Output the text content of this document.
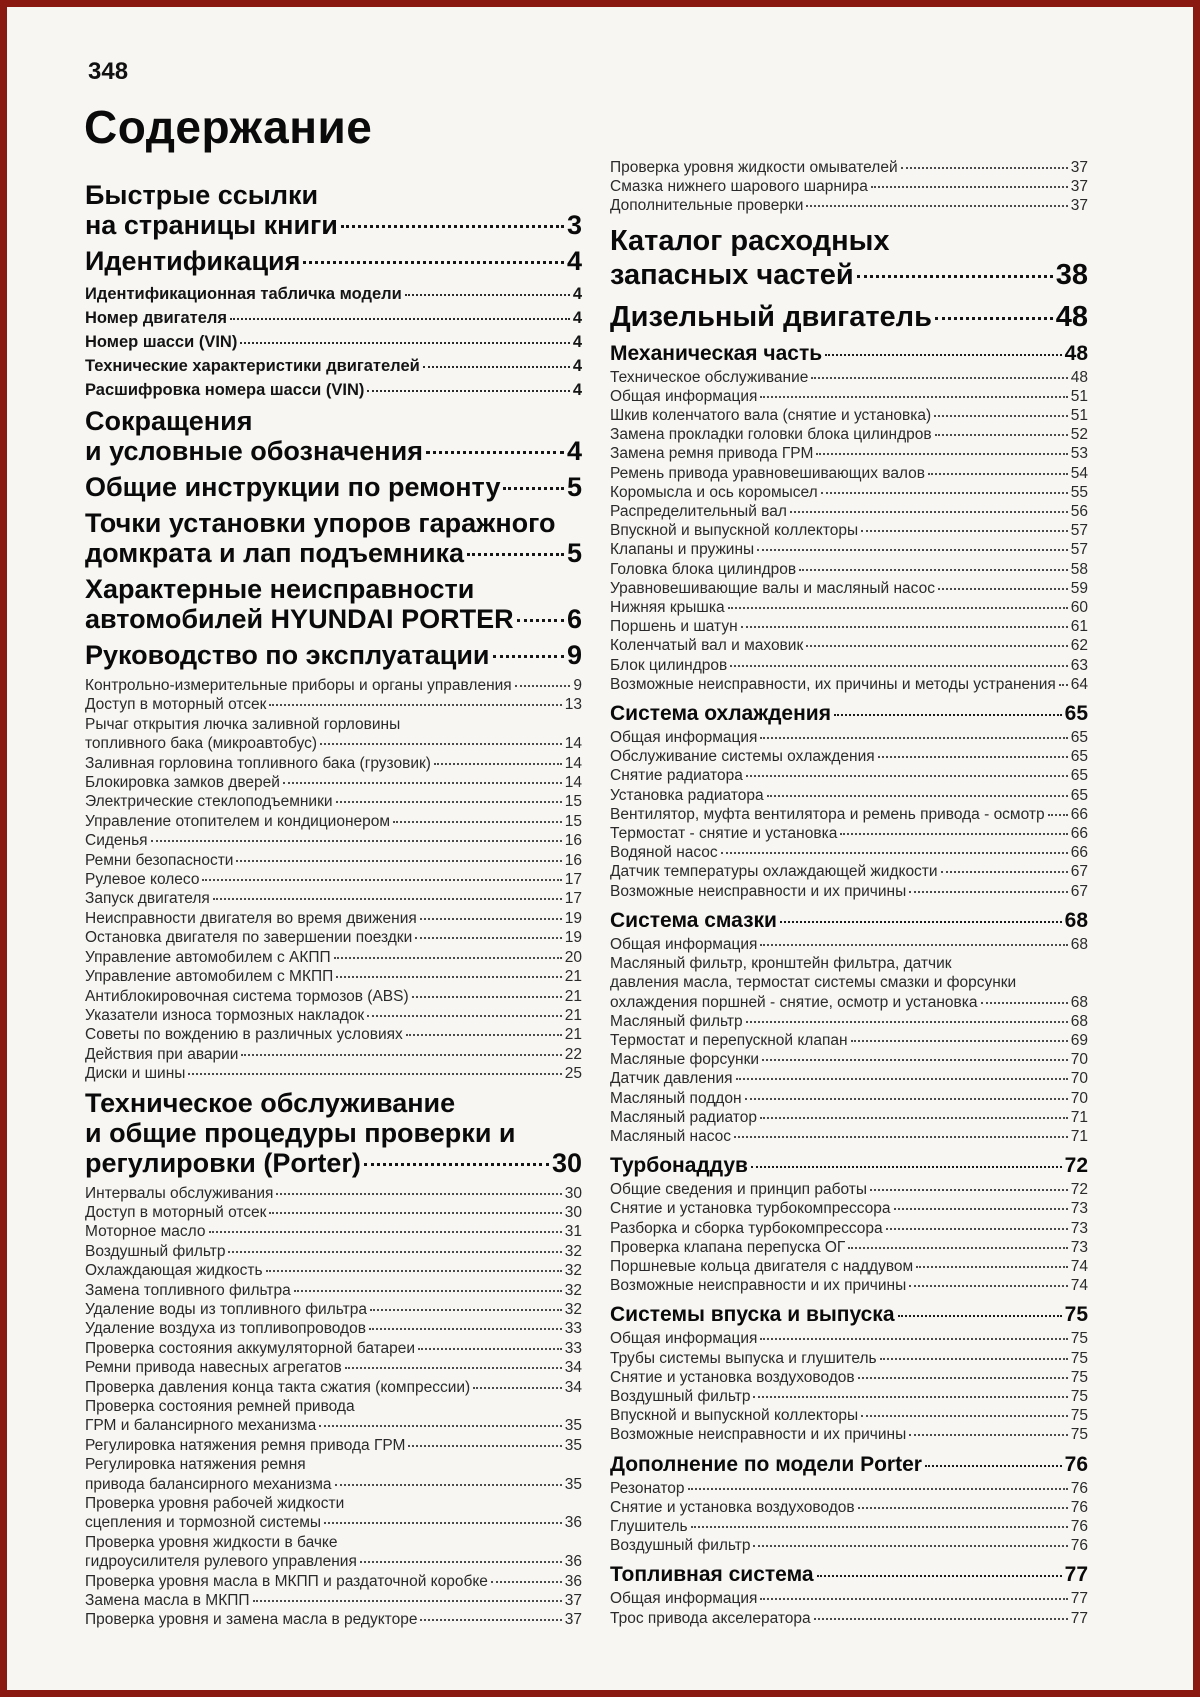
348
Содержание
Быстрые ссылки
на страницы книги	3
Идентификация	4
Идентификационная табличка модели	4
Номер двигателя	4
Номер шасси (VIN)	4
Технические характеристики двигателей	4
Расшифровка номера шасси (VIN)	4
Сокращения
и условные обозначения	4
Общие инструкции по ремонту 5
Точки установки упоров гаражного
домкрата и лап подъемника	5
Характерные неисправности
автомобилей HYUNDAI PORTER 6
Руководство по эксплуатации	9
Контрольно-измерительные приборы и органы управления	9
Доступ в моторный отсек	13
Рычаг открытия лючка заливной горловины
топливного бака (микроавтобус)	14
Заливная горловина топливного бака (грузовик)	14
Блокировка замков дверей	14
Электрические стеклоподъемники	15
Управление отопителем и кондиционером	15
Сиденья	16
Ремни безопасности	16
Рулевое колесо	17
Запуск двигателя	17
Неисправности двигателя во время движения	19
Остановка двигателя по завершении поездки	19
Управление автомобилем с АКПП	20
Управление автомобилем с МКПП	21
Антиблокировочная система тормозов (ABS)	21
Указатели износа тормозных накладок	21
Советы по вождению в различных условиях	21
Действия при аварии	22
Диски и шины	25
Техническое обслуживание
и общие процедуры проверки и
регулировки (Porter)	30
Интервалы обслуживания	30
Доступ в моторный отсек	30
Моторное масло	31
Воздушный фильтр	32
Охлаждающая жидкость	32
Замена топливного фильтра	32
Удаление воды из топливного фильтра	32
Удаление воздуха из топливопроводов	33
Проверка состояния аккумуляторной батареи	33
Ремни привода навесных агрегатов	34
Проверка давления конца такта сжатия (компрессии)	34
Проверка состояния ремней привода
ГРМ и балансирного механизма	35
Регулировка натяжения ремня привода ГРМ	35
Регулировка натяжения ремня
привода балансирного механизма	35
Проверка уровня рабочей жидкости
сцепления и тормозной системы	36
Проверка уровня жидкости в бачке
гидроусилителя рулевого управления	36
Проверка уровня масла в МКПП и раздаточной коробке	36
Замена масла в МКПП	37
Проверка уровня и замена масла в редукторе	37
Проверка уровня жидкости омывателей	37
Смазка нижнего шарового шарнира	37
Дополнительные проверки	37
Каталог расходных
запасных частей	38
Дизельный двигатель	48
Механическая часть	48
Техническое обслуживание	48
Общая информация	51
Шкив коленчатого вала (снятие и установка)	51
Замена прокладки головки блока цилиндров	52
Замена ремня привода ГРМ	53
Ремень привода уравновешивающих валов	54
Коромысла и ось коромысел	55
Распределительный вал	56
Впускной и выпускной коллекторы	57
Клапаны и пружины	57
Головка блока цилиндров	58
Уравновешивающие валы и масляный насос	59
Нижняя крышка	60
Поршень и шатун	61
Коленчатый вал и маховик	62
Блок цилиндров	63
Возможные неисправности, их причины и методы устранения 64
Система охлаждения	65
Общая информация	65
Обслуживание системы охлаждения	65
Снятие радиатора	65
Установка радиатора	65
Вентилятор, муфта вентилятора и ремень привода - осмотр 66
Термостат - снятие и установка	66
Водяной насос	66
Датчик температуры охлаждающей жидкости	67
Возможные неисправности и их причины	67
Система смазки	68
Общая информация	68
Масляный фильтр, кронштейн фильтра, датчик
давления масла, термостат системы смазки и форсунки
охлаждения поршней - снятие, осмотр и установка	68
Масляный фильтр	68
Термостат и перепускной клапан	69
Масляные форсунки	70
Датчик давления	70
Масляный поддон	70
Масляный радиатор	71
Масляный насос	71
Турбонаддув	72
Общие сведения и принцип работы	72
Снятие и установка турбокомпрессора	73
Разборка и сборка турбокомпрессора	73
Проверка клапана перепуска ОГ	73
Поршневые кольца двигателя с наддувом	74
Возможные неисправности и их причины	74
Системы впуска и выпуска	75
Общая информация	75
Трубы системы выпуска и глушитель	75
Снятие и установка воздуховодов	75
Воздушный фильтр	75
Впускной и выпускной коллекторы	75
Возможные неисправности и их причины	75
Дополнение по модели Porter	76
Резонатор	76
Снятие и установка воздуховодов	76
Глушитель	76
Воздушный фильтр	76
Топливная система	77
Общая информация	77
Трос привода акселератора	77
